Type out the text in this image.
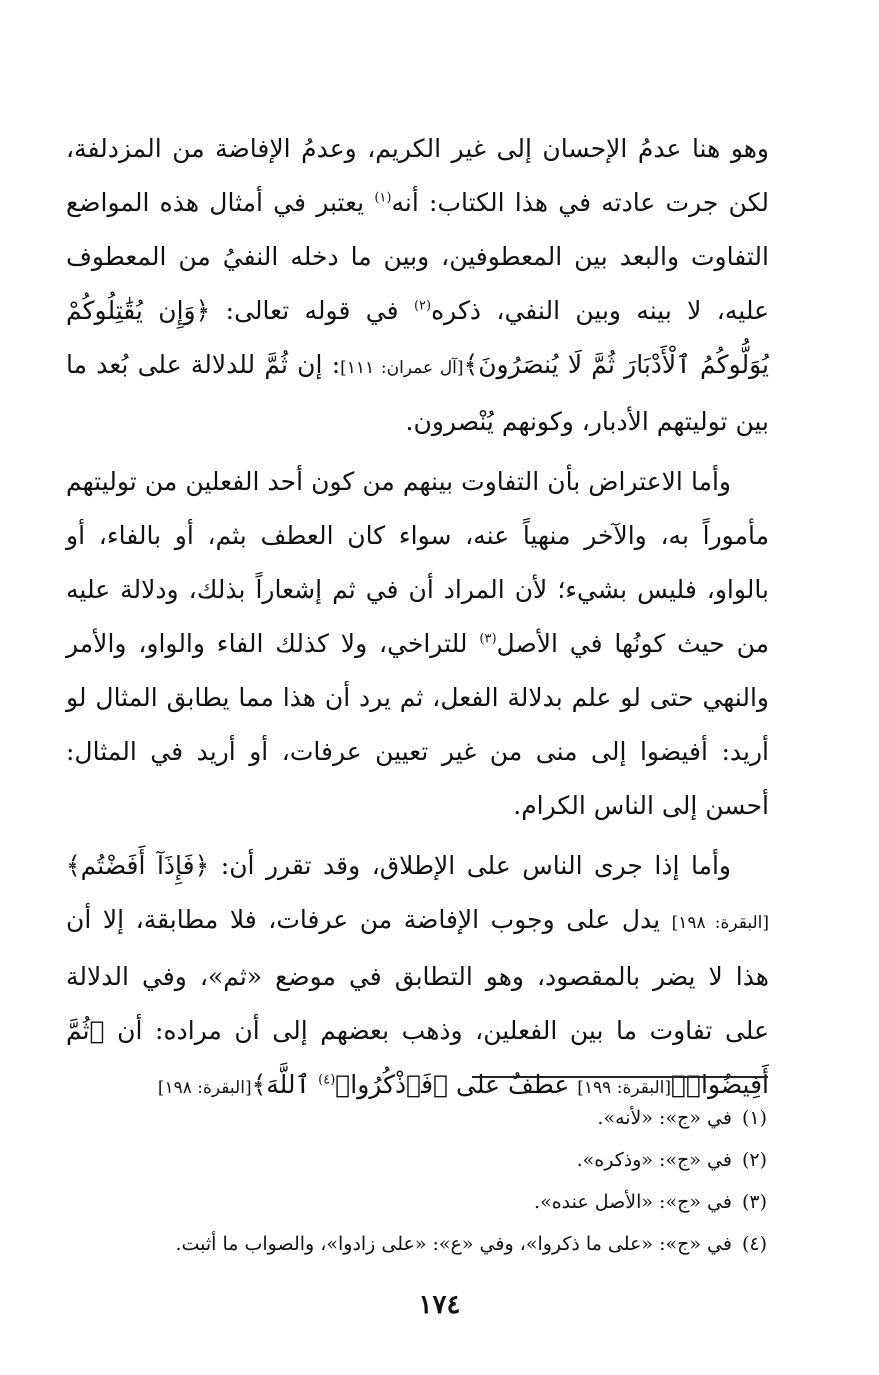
وهو هنا عدمُ الإحسان إلى غير الكريم، وعدمُ الإفاضة من المزدلفة، لكن جرت عادته في هذا الكتاب: أنه$^{(١)}$ يعتبر في أمثال هذه المواضع التفاوت والبعد بين المعطوفين، وبين ما دخله النفيُ من المعطوف عليه، لا بينه وبين النفي، ذكره$^{(٢)}$ في قوله تعالى: ﴿وَإِن يُقَٰتِلُوكُمْ يُوَلُّوكُمُ ٱلْأَدْبَارَ ثُمَّ لَا يُنصَرُونَ﴾[آل عمران: ١١١]: إن ثُمَّ للدلالة على بُعد ما بين توليتهم الأدبار، وكونهم يُنْصرون.

وأما الاعتراض بأن التفاوت بينهم من كون أحد الفعلين من توليتهم مأموراً به، والآخر منهياً عنه، سواء كان العطف بثم، أو بالفاء، أو بالواو، فليس بشيء؛ لأن المراد أن في ثم إشعاراً بذلك، ودلالة عليه من حيث كونُها في الأصل$^{(٣)}$ للتراخي، ولا كذلك الفاء والواو، والأمر والنهي حتى لو علم بدلالة الفعل، ثم يرد أن هذا مما يطابق المثال لو أريد: أفيضوا إلى منى من غير تعيين عرفات، أو أريد في المثال: أحسن إلى الناس الكرام.

وأما إذا جرى الناس على الإطلاق، وقد تقرر أن: ﴿فَإِذَآ أَفَضْتُم﴾[البقرة: ١٩٨] يدل على وجوب الإفاضة من عرفات، فلا مطابقة، إلا أن هذا لا يضر بالمقصود، وهو التطابق في موضع «ثم»، وفي الدلالة على تفاوت ما بين الفعلين، وذهب بعضهم إلى أن مراده: أن ﴿ثُمَّ أَفِيضُوا۟﴾[البقرة: ١٩٩] عطفٌ على ﴿فَٱذْكُرُوا۟$^{(٤)}$ ٱللَّهَ﴾[البقرة: ١٩٨]

(١)في «ج»: «لأنه».
(٢)في «ج»: «وذكره».
(٣)في «ج»: «الأصل عنده».
(٤)في «ج»: «على ما ذكروا»، وفي «ع»: «على زادوا»، والصواب ما أثبت.
١٧٤
